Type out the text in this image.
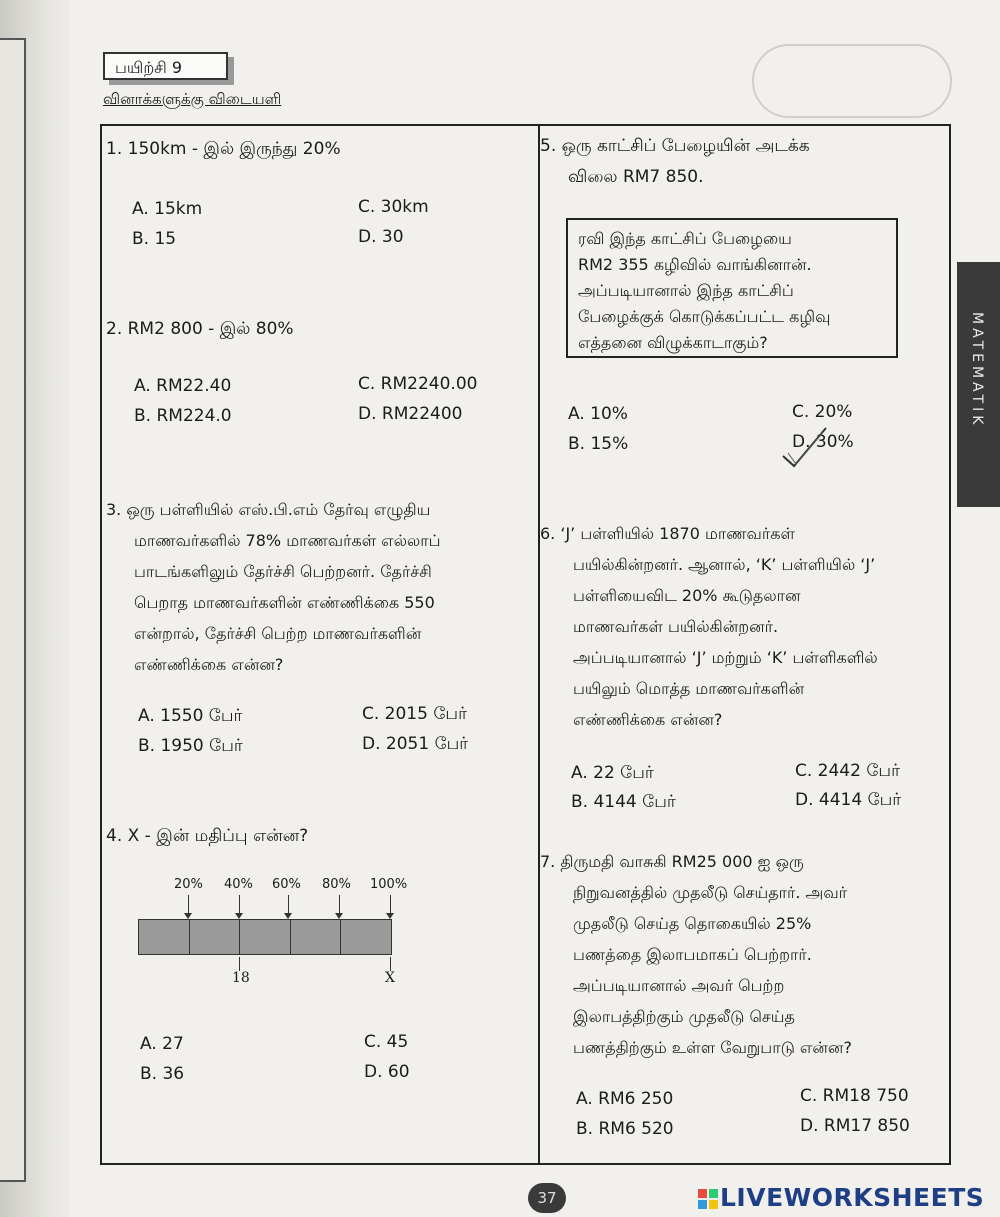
பயிற்சி 9
வினாக்களுக்கு விடையளி
MATEMATIK
1. 150km - இல் இருந்து 20%
A. 15km	C. 30km
B. 15	D. 30
2. RM2 800 - இல் 80%
A. RM22.40	C. RM2240.00
B. RM224.0	D. RM22400
3. ஒரு பள்ளியில் எஸ்.பி.எம் தேர்வு எழுதிய
மாணவர்களில் 78% மாணவர்கள் எல்லாப்
பாடங்களிலும் தேர்ச்சி பெற்றனர். தேர்ச்சி
பெறாத மாணவர்களின் எண்ணிக்கை 550
என்றால், தேர்ச்சி பெற்ற மாணவர்களின்
எண்ணிக்கை என்ன?
A. 1550 பேர்	C. 2015 பேர்
B. 1950 பேர்	D. 2051 பேர்
4. X - இன் மதிப்பு என்ன?
20% 40% 60% 80% 100%
18	X
A. 27	C. 45
B. 36	D. 60
5. ஒரு காட்சிப் பேழையின் அடக்க
விலை RM7 850.
ரவி இந்த காட்சிப் பேழையை
RM2 355 கழிவில் வாங்கினான்.
அப்படியானால் இந்த காட்சிப்
பேழைக்குக் கொடுக்கப்பட்ட கழிவு
எத்தனை விழுக்காடாகும்?
A. 10%	C. 20%
B. 15%	D. 30%
6. ‘J’ பள்ளியில் 1870 மாணவர்கள்
பயில்கின்றனர். ஆனால், ‘K’ பள்ளியில் ‘J’
பள்ளியைவிட 20% கூடுதலான
மாணவர்கள் பயில்கின்றனர்.
அப்படியானால் ‘J’ மற்றும் ‘K’ பள்ளிகளில்
பயிலும் மொத்த மாணவர்களின்
எண்ணிக்கை என்ன?
A. 22 பேர்	C. 2442 பேர்
B. 4144 பேர்	D. 4414 பேர்
7. திருமதி வாசுகி RM25 000 ஐ ஒரு
நிறுவனத்தில் முதலீடு செய்தார். அவர்
முதலீடு செய்த தொகையில் 25%
பணத்தை இலாபமாகப் பெற்றார்.
அப்படியானால் அவர் பெற்ற
இலாபத்திற்கும் முதலீடு செய்த
பணத்திற்கும் உள்ள வேறுபாடு என்ன?
A. RM6 250	C. RM18 750
B. RM6 520	D. RM17 850
37	LIVEWORKSHEETS
